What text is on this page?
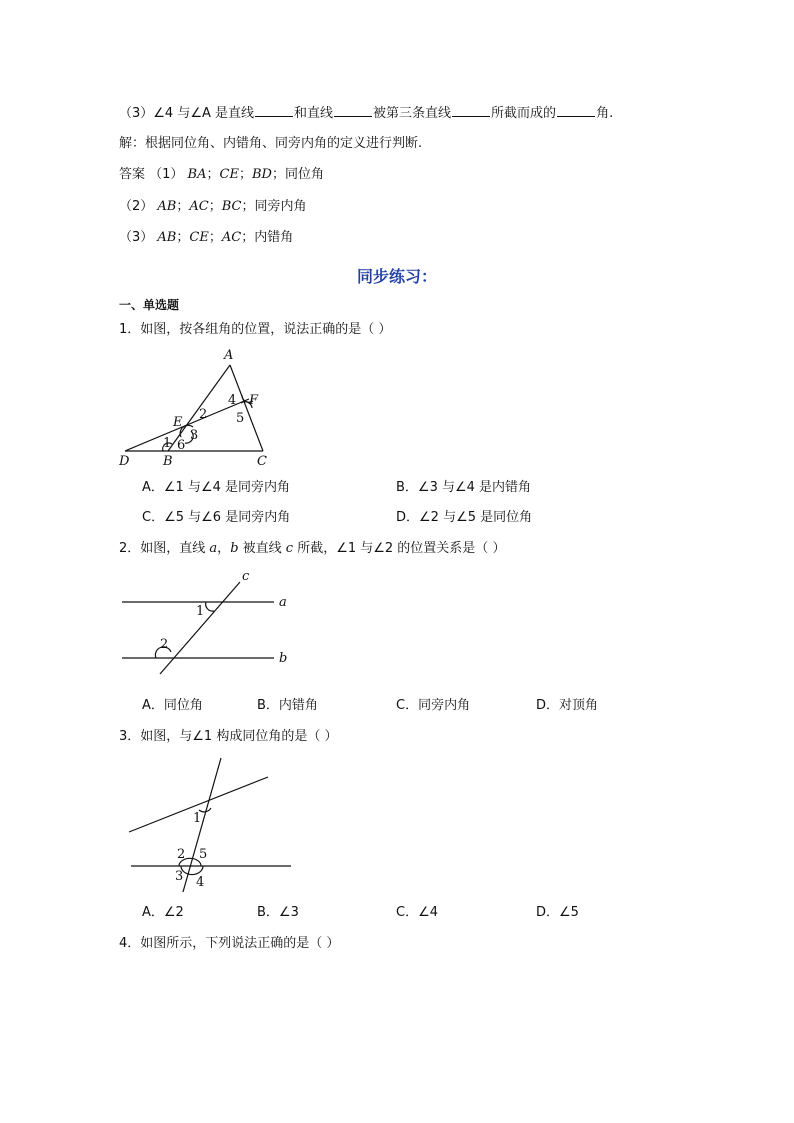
（3）∠4 与∠A 是直线	和直线	被第三条直线	所截而成的	角.
解：根据同位角、内错角、同旁内角的定义进行判断.
答案 （1） BA；CE；BD；同位角
（2） AB；AC；BC；同旁内角
（3） AB；CE；AC；内错角
同步练习：
一、单选题
1．如图，按各组角的位置，说法正确的是（ ）
A
F
4
5
E
2
3
1 6
D	B	C
A．∠1 与∠4 是同旁内角	B．∠3 与∠4 是内错角
C．∠5 与∠6 是同旁内角	D．∠2 与∠5 是同位角
2．如图，直线 a，b 被直线 c 所截，∠1 与∠2 的位置关系是（ ）
c
a
b
1
2
A．同位角	B．内错角	C．同旁内角	D．对顶角
3．如图，与∠1 构成同位角的是（ ）
1
2 5
3 4
A．∠2	B．∠3	C．∠4	D．∠5
4．如图所示，下列说法正确的是（ ）
